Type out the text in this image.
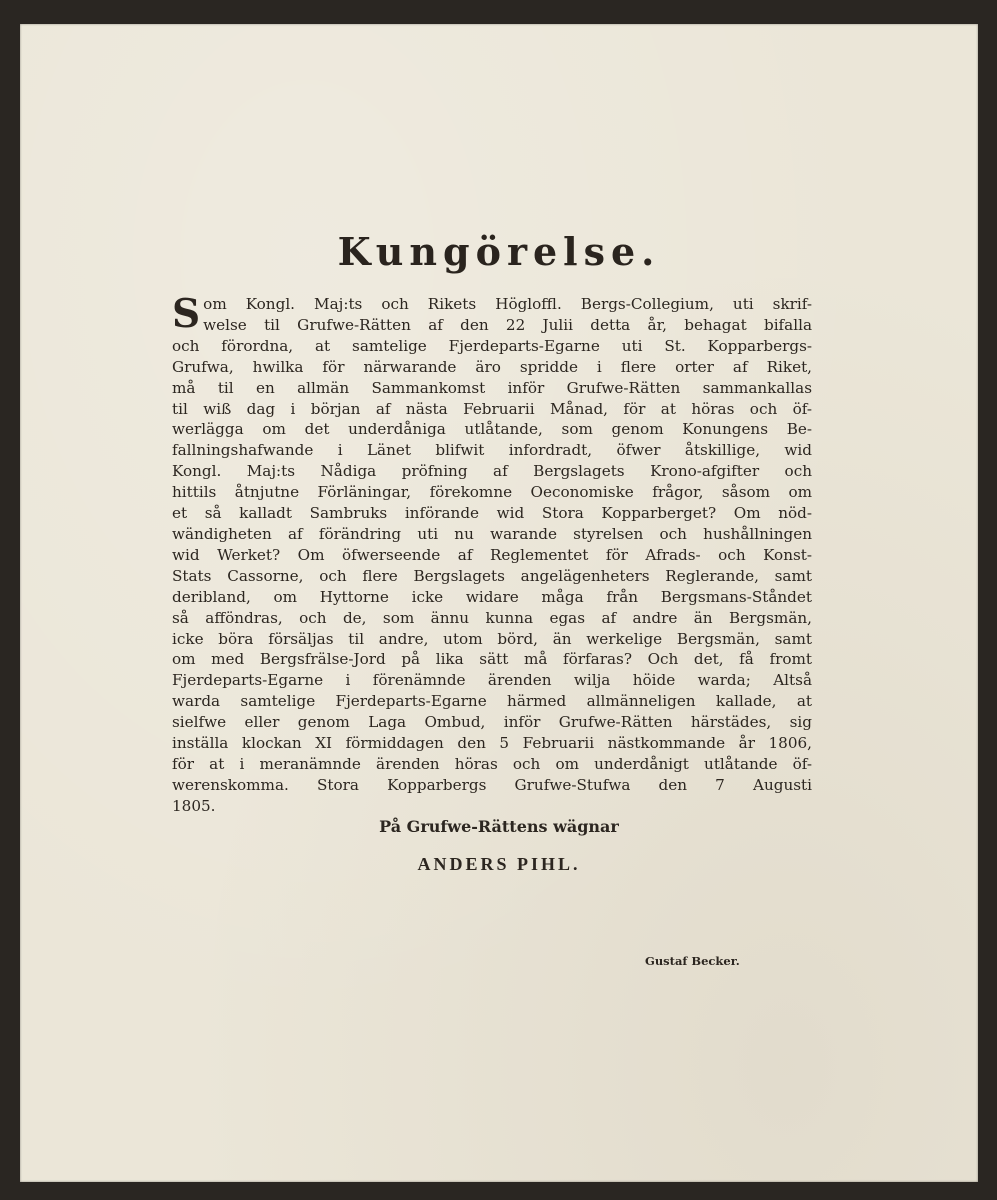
Kungörelse.
S om Kongl. Maj:ts och Rikets Högloffl. Bergs-Collegium, uti skrif-
welse til Grufwe-Rätten af den 22 Julii detta år, behagat bifalla
och förordna, at samtelige Fjerdeparts-Egarne uti St. Kopparbergs-
Grufwa, hwilka för närwarande äro spridde i flere orter af Riket,
må til en allmän Sammankomst inför Grufwe-Rätten sammankallas
til wiß dag i början af nästa Februarii Månad, för at höras och öf-
werlägga om det underdåniga utlåtande, som genom Konungens Be-
fallningshafwande i Länet blifwit infordradt, öfwer åtskillige, wid
Kongl. Maj:ts Nådiga pröfning af Bergslagets Krono-afgifter och
hittils åtnjutne Förläningar, förekomne Oeconomiske frågor, såsom om
et så kalladt Sambruks införande wid Stora Kopparberget? Om nöd-
wändigheten af förändring uti nu warande styrelsen och hushållningen
wid Werket? Om öfwerseende af Reglementet för Afrads- och Konst-
Stats Cassorne, och flere Bergslagets angelägenheters Reglerande, samt
deribland, om Hyttorne icke widare måga från Bergsmans-Ståndet
så afföndras, och de, som ännu kunna egas af andre än Bergsmän,
icke böra försäljas til andre, utom börd, än werkelige Bergsmän, samt
om med Bergsfrälse-Jord på lika sätt må förfaras? Och det, få fromt
Fjerdeparts-Egarne i förenämnde ärenden wilja höide warda; Altså
warda samtelige Fjerdeparts-Egarne härmed allmänneligen kallade, at
sielfwe eller genom Laga Ombud, inför Grufwe-Rätten härstädes, sig
inställa klockan XI förmiddagen den 5 Februarii nästkommande år 1806,
för at i meranämnde ärenden höras och om underdånigt utlåtande öf-
werenskomma. Stora Kopparbergs Grufwe-Stufwa den 7 Augusti
1805.
På Grufwe-Rättens wägnar
ANDERS PIHL.
Gustaf Becker.
